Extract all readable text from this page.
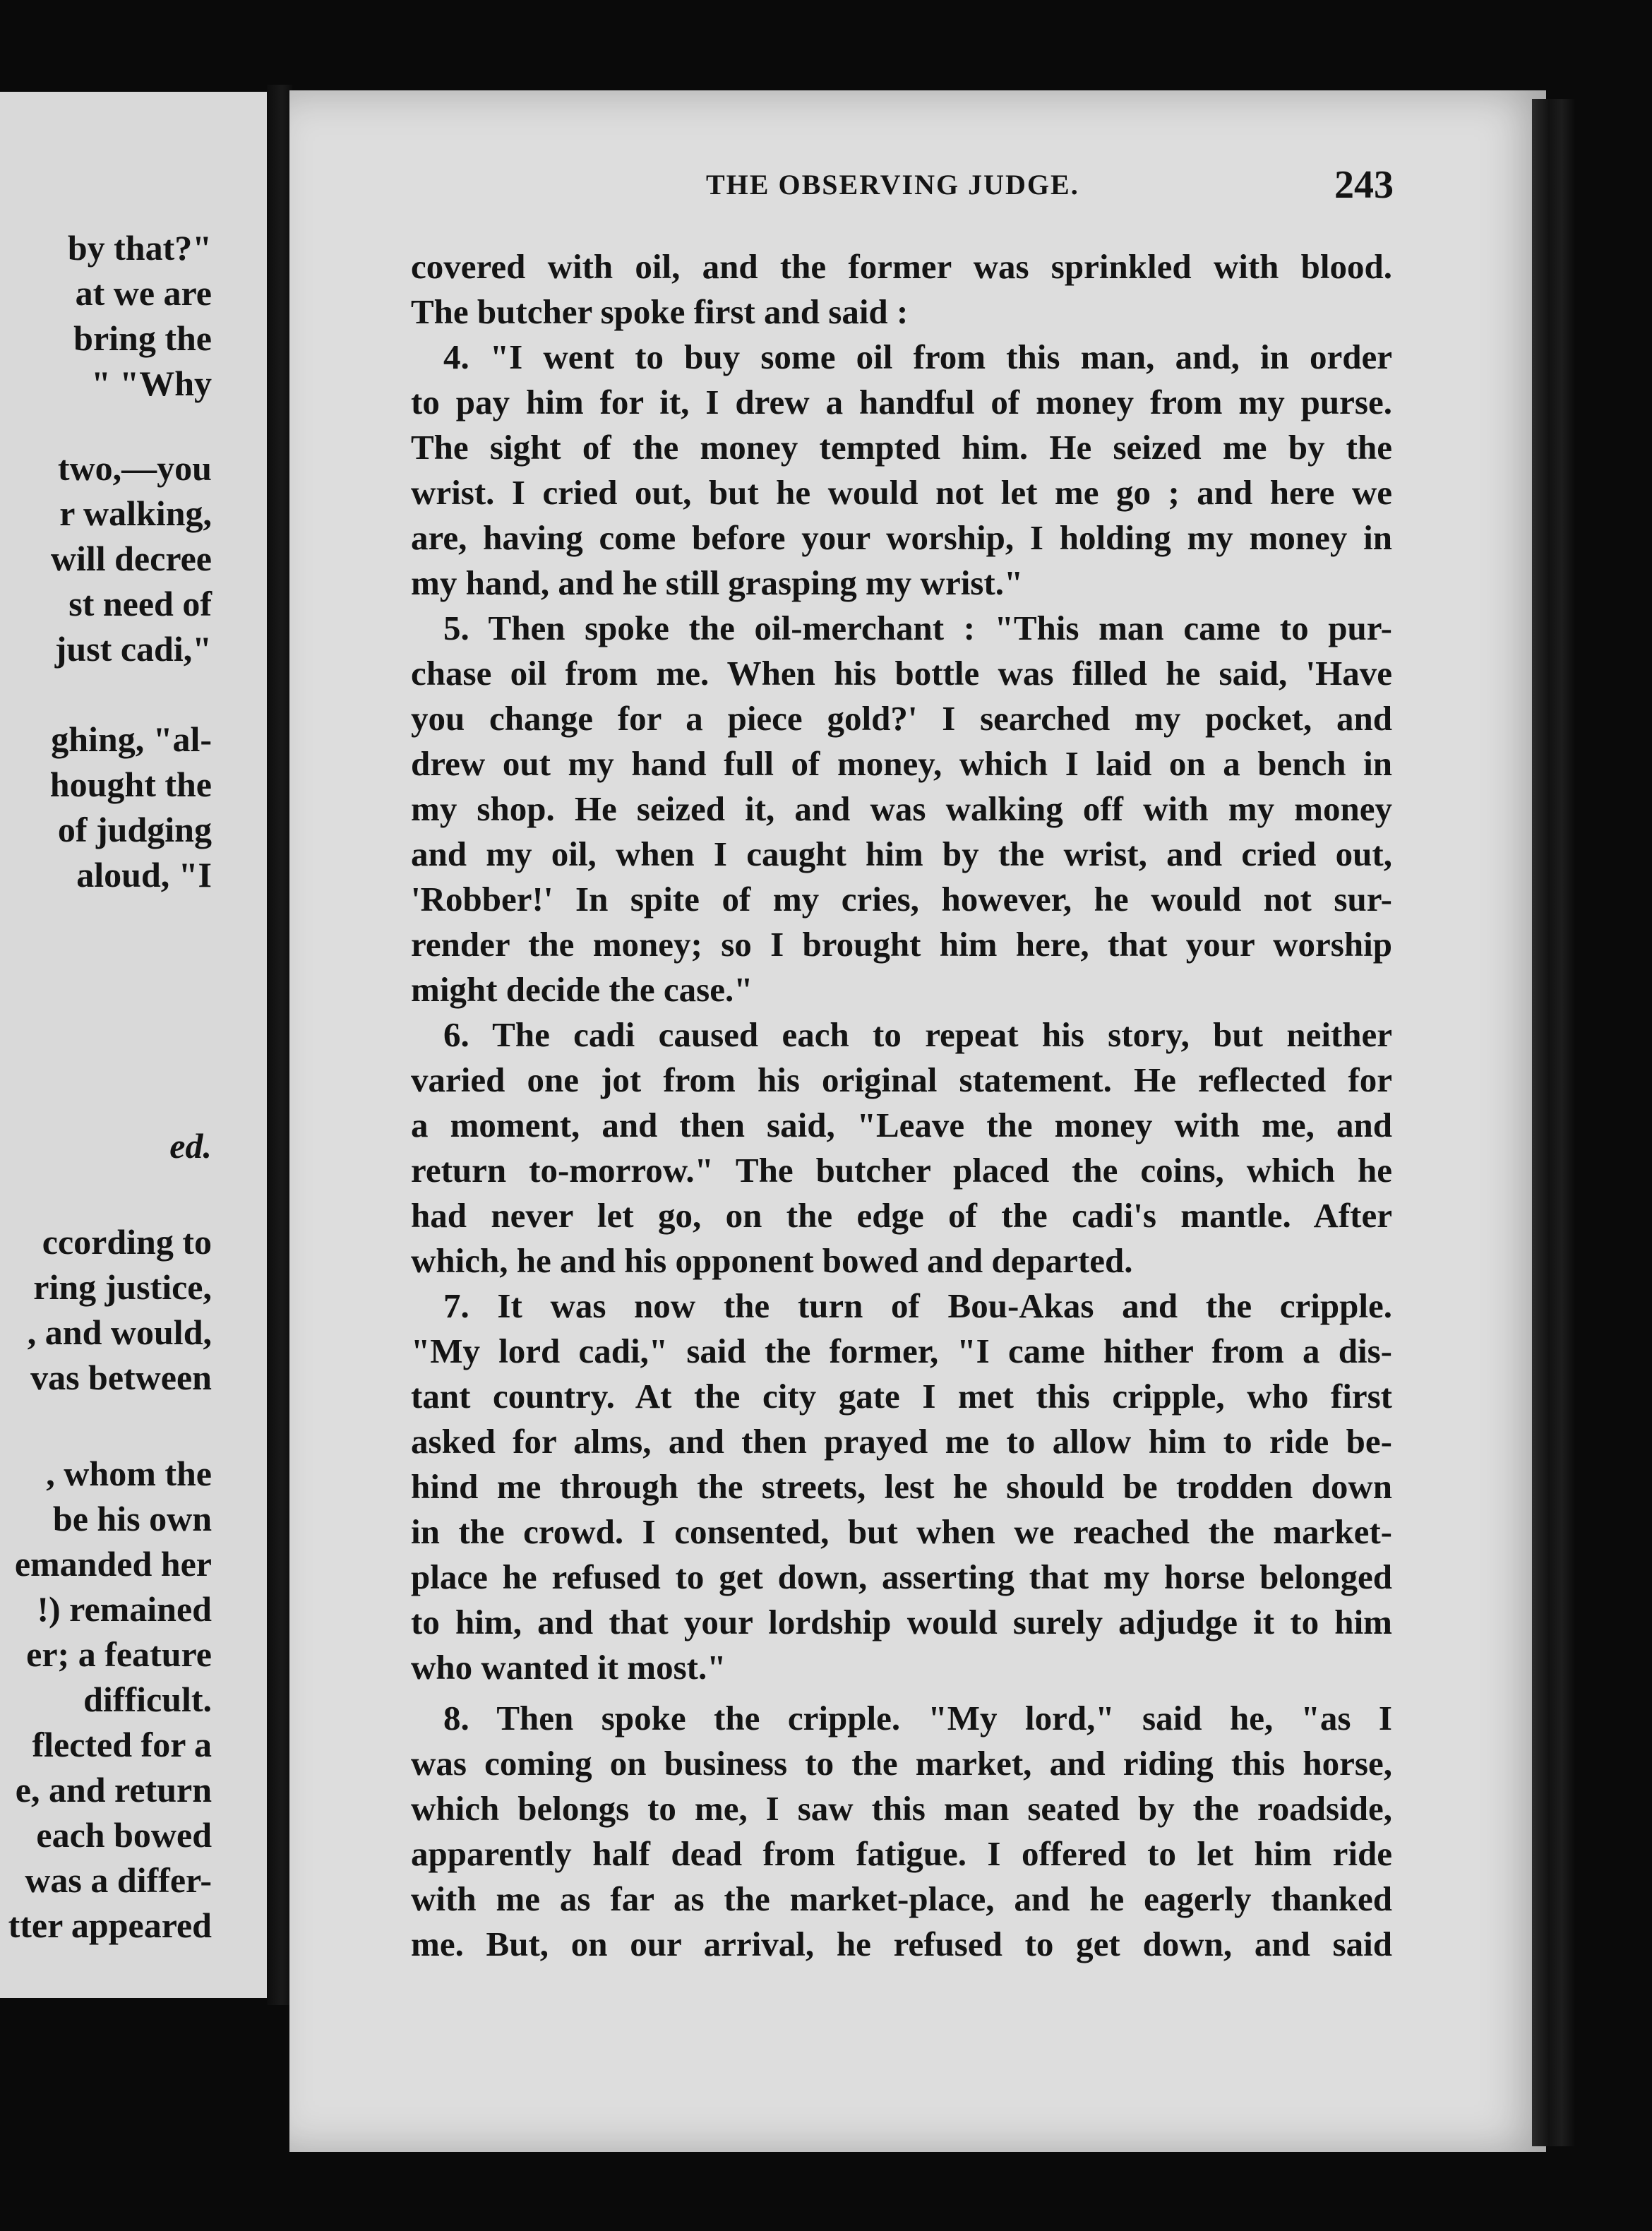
by that?"
at we are
bring the
" "Why
two,—you
r walking,
will decree
st need of
just cadi,"
ghing, "al-
hought the
of judging
aloud, "I
ed.
ccording to
ring justice,
, and would,
vas between
, whom the
be his own
emanded her
!) remained
er; a feature
difficult.
flected for a
e, and return
each bowed
was a differ-
tter appeared
THE OBSERVING JUDGE.	243
covered with oil, and the former was sprinkled with blood.
The butcher spoke first and said :
4. "I went to buy some oil from this man, and, in order
to pay him for it, I drew a handful of money from my purse.
The sight of the money tempted him. He seized me by the
wrist. I cried out, but he would not let me go ; and here we
are, having come before your worship, I holding my money in
my hand, and he still grasping my wrist."
5. Then spoke the oil-merchant : "This man came to pur-
chase oil from me. When his bottle was filled he said, 'Have
you change for a piece gold?' I searched my pocket, and
drew out my hand full of money, which I laid on a bench in
my shop. He seized it, and was walking off with my money
and my oil, when I caught him by the wrist, and cried out,
'Robber!' In spite of my cries, however, he would not sur-
render the money; so I brought him here, that your worship
might decide the case."
6. The cadi caused each to repeat his story, but neither
varied one jot from his original statement. He reflected for
a moment, and then said, "Leave the money with me, and
return to-morrow." The butcher placed the coins, which he
had never let go, on the edge of the cadi's mantle. After
which, he and his opponent bowed and departed.
7. It was now the turn of Bou-Akas and the cripple.
"My lord cadi," said the former, "I came hither from a dis-
tant country. At the city gate I met this cripple, who first
asked for alms, and then prayed me to allow him to ride be-
hind me through the streets, lest he should be trodden down
in the crowd. I consented, but when we reached the market-
place he refused to get down, asserting that my horse belonged
to him, and that your lordship would surely adjudge it to him
who wanted it most."
8. Then spoke the cripple. "My lord," said he, "as I
was coming on business to the market, and riding this horse,
which belongs to me, I saw this man seated by the roadside,
apparently half dead from fatigue. I offered to let him ride
with me as far as the market-place, and he eagerly thanked
me. But, on our arrival, he refused to get down, and said
